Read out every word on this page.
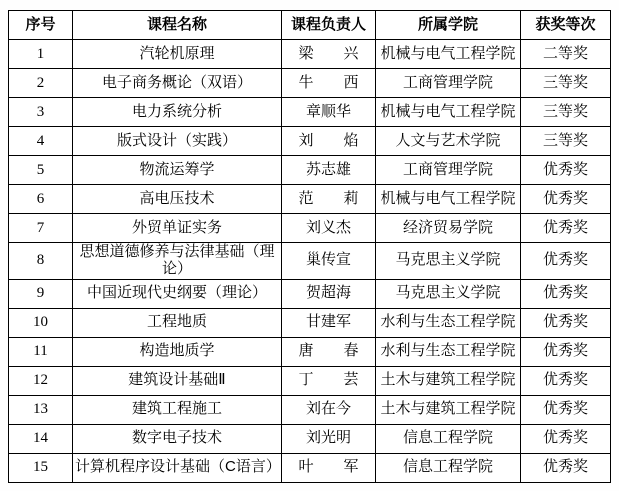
序号	课程名称	课程负责人	所属学院	获奖等次
1	汽轮机原理	梁　　兴	机械与电气工程学院	二等奖
2	电子商务概论（双语）	牛　　西	工商管理学院	三等奖
3	电力系统分析	章顺华	机械与电气工程学院	三等奖
4	版式设计（实践）	刘　　焰	人文与艺术学院	三等奖
5	物流运筹学	苏志雄	工商管理学院	优秀奖
6	高电压技术	范　　莉	机械与电气工程学院	优秀奖
7	外贸单证实务	刘义杰	经济贸易学院	优秀奖
8	思想道德修养与法律基础（理论）	巢传宣	马克思主义学院	优秀奖
9	中国近现代史纲要（理论）	贺超海	马克思主义学院	优秀奖
10	工程地质	甘建军	水利与生态工程学院	优秀奖
11	构造地质学	唐　　春	水利与生态工程学院	优秀奖
12	建筑设计基础Ⅱ	丁　　芸	土木与建筑工程学院	优秀奖
13	建筑工程施工	刘在今	土木与建筑工程学院	优秀奖
14	数字电子技术	刘光明	信息工程学院	优秀奖
15	计算机程序设计基础（C语言）	叶　　军	信息工程学院	优秀奖
